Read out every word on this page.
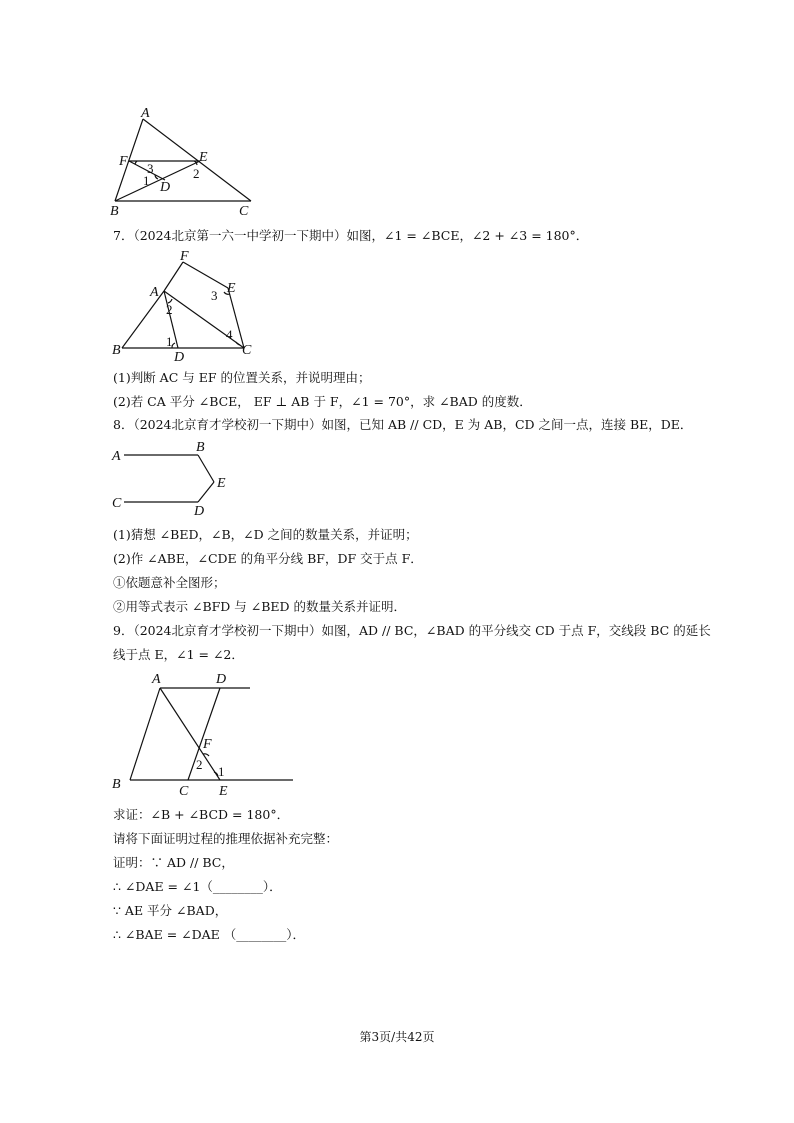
A
F	E
D
B	C
3
1	2
7．（2024北京第一六一中学初一下期中）如图，∠1 = ∠BCE，∠2 + ∠3 = 180°．
F
E
A
B	D	C
2
3
1	4
(1)判断 AC 与 EF 的位置关系，并说明理由；
(2)若 CA 平分 ∠BCE， EF ⊥ AB 于 F，∠1 = 70°，求 ∠BAD 的度数．
8．（2024北京育才学校初一下期中）如图，已知 AB // CD，E 为 AB，CD 之间一点，连接 BE，DE．
A
B
E
C
D
(1)猜想 ∠BED，∠B，∠D 之间的数量关系，并证明；
(2)作 ∠ABE，∠CDE 的角平分线 BF，DF 交于点 F．
①依题意补全图形；
②用等式表示 ∠BFD 与 ∠BED 的数量关系并证明．
9．（2024北京育才学校初一下期中）如图，AD // BC，∠BAD 的平分线交 CD 于点 F，交线段 BC 的延长
线于点 E，∠1 = ∠2．
A	D
F
B	C E
2 1
求证：∠B + ∠BCD = 180°．
请将下面证明过程的推理依据补充完整：
证明：∵ AD // BC，
∴ ∠DAE = ∠1（________）．
∵ AE 平分 ∠BAD，
∴ ∠BAE = ∠DAE （________）．
第3页/共42页
